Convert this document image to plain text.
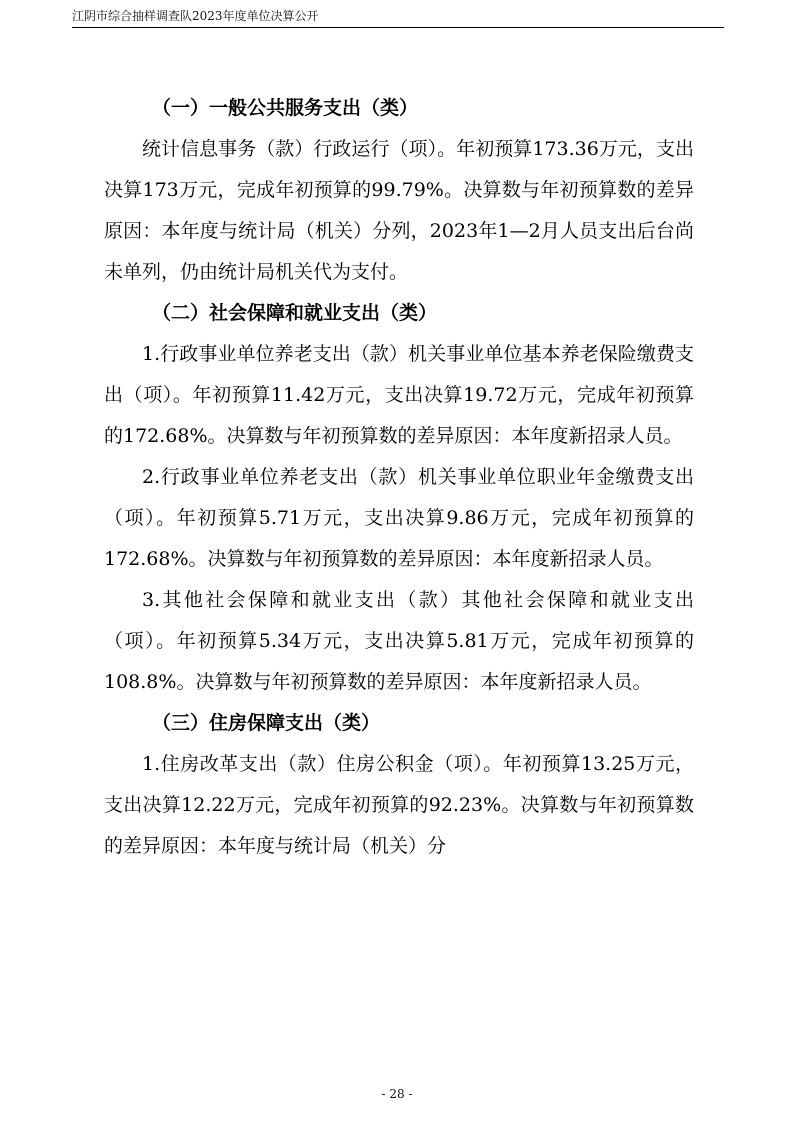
江阴市综合抽样调查队2023年度单位决算公开
（一）一般公共服务支出（类）

统计信息事务（款）行政运行（项）。年初预算173.36万元，支出决算173万元，完成年初预算的99.79%。决算数与年初预算数的差异原因：本年度与统计局（机关）分列，2023年1—2月人员支出后台尚未单列，仍由统计局机关代为支付。

（二）社会保障和就业支出（类）

1.行政事业单位养老支出（款）机关事业单位基本养老保险缴费支出（项）。年初预算11.42万元，支出决算19.72万元，完成年初预算的172.68%。决算数与年初预算数的差异原因：本年度新招录人员。

2.行政事业单位养老支出（款）机关事业单位职业年金缴费支出（项）。年初预算5.71万元，支出决算9.86万元，完成年初预算的172.68%。决算数与年初预算数的差异原因：本年度新招录人员。

3.其他社会保障和就业支出（款）其他社会保障和就业支出（项）。年初预算5.34万元，支出决算5.81万元，完成年初预算的108.8%。决算数与年初预算数的差异原因：本年度新招录人员。

（三）住房保障支出（类）

1.住房改革支出（款）住房公积金（项）。年初预算13.25万元，支出决算12.22万元，完成年初预算的92.23%。决算数与年初预算数的差异原因：本年度与统计局（机关）分

- 28 -
